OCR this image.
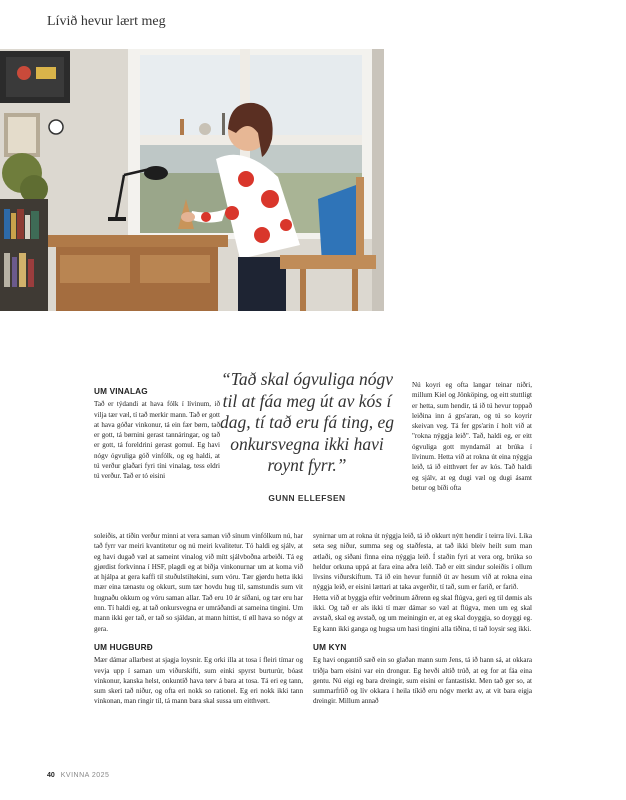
Lívið hevur lært meg
UM VINALAG

Tað er týdandi at hava fólk í lívinum, ið vilja tær væl, tí tað merkir mann. Tað er gott at hava góðar vinkonur, tá ein fær børn, tað er gott, tá børnini gerast tannáringar, og tað er gott, tá foreldrini gerast gomul. Eg havi nógv ógvuliga góð vinfólk, og eg haldi, at tú verður glaðari fyri tíni vinalag, tess eldri tú verður. Tað er tó eisini

soleiðis, at tíðin verður minni at vera saman við sínum vinfólkum nú, har tað fyrr var meiri kvantitetur og nú meiri kvalitetur. Tó haldi eg sjálv, at eg havi dugað væl at sameint vinalog við mítt sjálvboðna arbeiði. Tá eg gjørdist forkvinna í HSF, plagdi eg at biðja vinkonurnar um at koma við at hjálpa at gera kaffi til stuðulstiltøkini, sum vóru. Tær gjørdu hetta ikki mær eina tænastu og okkurt, sum tær hovdu hug til, samstundis sum vit hugnaðu okkum og vóru saman allar. Tað eru 10 ár síðani, og tær eru har enn. Tí haldi eg, at tað onkursvegna er umráðandi at sameina tingini. Um mann ikki ger tað, er tað so sjáldan, at mann hittist, tí øll hava so nógv at gera.

UM HUGBURÐ

Mær dámar allarbest at sjagja loysnir. Eg orki illa at tosa í fleiri tímar og vevja upp í saman um viðurskifti, sum einki spyrst burturúr, bóast vinkonur, kanska helst, onkuntíð hava tørv á bara at tosa. Tá eri eg tann, sum skeri tað niður, og ofta eri nokk so rationel. Eg eri nokk ikki tann vinkonan, man ringir til, tá mann bara skal sussa um eitthvørt.

“Tað skal ógvuliga nógv til at fáa meg út av kós í dag, tí tað eru fá ting, eg onkursvegna ikki havi roynt fyrr.”
GUNN ELLEFSEN

Nú koyri eg ofta langar teinar niðri, millum Kiel og Jönköping, og eitt stuttligt er hetta, sum hendir, tá ið tú hevur toppað leiðina inn á gps'aran, og tú so koyrir skeivan veg. Tá fer gps'arin í holt við at "rokna nýggja leið". Tað, haldi eg, er eitt ógvuliga gott myndamál at brúka í lívinum. Hetta við at rokna út eina nýggja leið, tá ið eitthvørt fer av kós. Tað haldi eg sjálv, at eg dugi væl og dugi ásamt betur og bíði ofta

synirnar um at rokna út nýggja leið, tá ið okkurt nýtt hendir í teirra lívi. Líka seta seg niður, summa seg og staðfesta, at tað ikki bleiv heilt sum man ætlaði, og síðani finna eina nýggja leið. Í staðin fyri at vera org, brúka so heldur orkuna uppá at fara eina aðra leið. Tað er eitt sindur soleiðis í ollum lívsins viðurskiftum. Tá ið ein hevur funnið út av hesum við at rokna eina nýggja leið, er eisini lættari at taka avgerðir, tí tað, sum er farið, er farið.

Hetta við at byggja eftir veðrinum áðrenn eg skal flúgva, geri eg til dømis als ikki. Og tað er als ikki tí mær dámar so væl at flúgva, men um eg skal avstað, skal eg avstað, og um meiningin er, at eg skal doyggja, so doyggi eg. Eg kann ikki ganga og hugsa um hasi tingini alla tíðina, tí tað loysir seg ikki.

UM KYN

Eg havi ongantíð sæð ein so glaðan mann sum Jens, tá ið hann sá, at okkara triðja barn eisini var ein drongur. Eg hevði altíð trúð, at eg for at fáa eina gentu. Nú eigi eg bara dreingir, sum eisini er fantastiskt. Men tað ger so, at summarfríið og lív okkara í heila tíkið eru nógv merkt av, at vit bara eigja dreingir. Millum annað

40 KVINNA 2025
